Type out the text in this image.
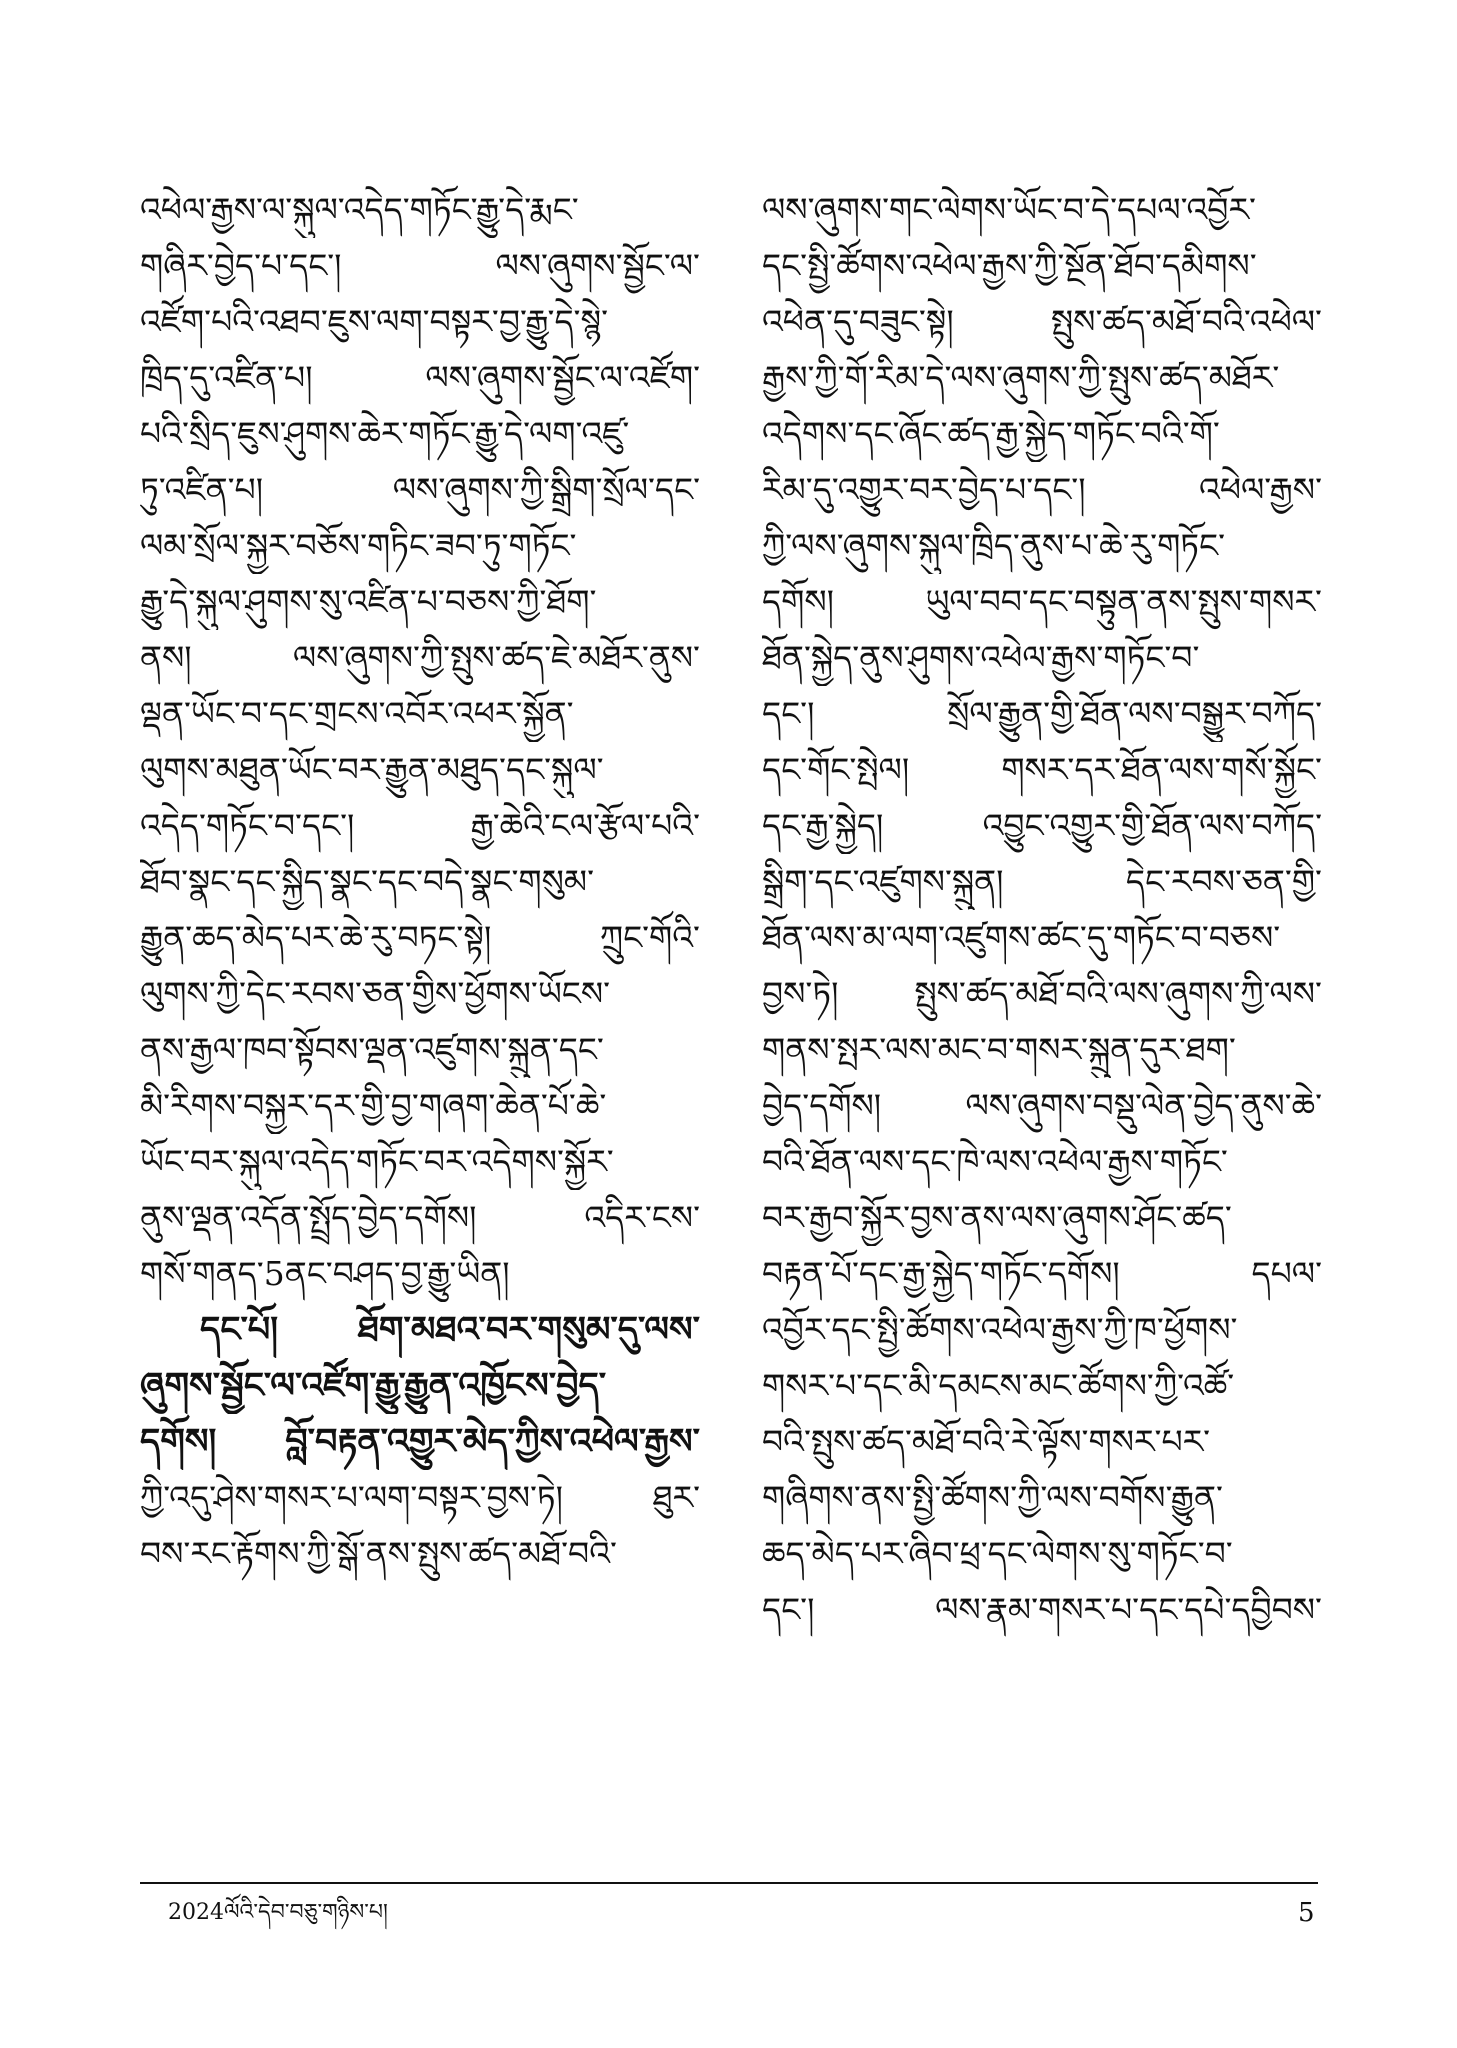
འཕེལ་རྒྱས་ལ་སྐུལ་འདེད་གཏོང་རྒྱུ་དེ་རྨང་
གཞིར་བྱེད་པ་དང་། ལས་ཞུགས་སྦྱོང་ལ་
འཛོག་པའི་འཐབ་ཇུས་ལག་བསྟར་བྱ་རྒྱུ་དེ་སྙེ་
ཁྲིད་དུ་འཛིན་པ། ལས་ཞུགས་སྦྱོང་ལ་འཛོག་
པའི་སྲིད་ཇུས་ཤུགས་ཆེར་གཏོང་རྒྱུ་དེ་ལག་འཛུ་
ཏུ་འཛིན་པ། ལས་ཞུགས་ཀྱི་སྒྲིག་སྲོལ་དང་
ལམ་སྲོལ་སྐྱར་བཅོས་གཏིང་ཟབ་ཏུ་གཏོང་
རྒྱུ་དེ་སྐུལ་ཤུགས་སུ་འཛིན་པ་བཅས་ཀྱི་ཐོག་
ནས། ལས་ཞུགས་ཀྱི་སྤུས་ཚད་ཇེ་མཐོར་ནུས་
ལྡན་ཡོང་བ་དང་གྲངས་འབོར་འཕར་སྐྱོན་
ལུགས་མཐུན་ཡོང་བར་རྒྱུན་མཐུད་དང་སྐུལ་
འདེད་གཏོང་བ་དང་། རྒྱ་ཆེའི་ངལ་རྩོལ་པའི་
ཐོབ་སྣང་དང་སྐྱིད་སྣང་དང་བདེ་སྣང་གསུམ་
རྒྱུན་ཆད་མེད་པར་ཆེ་རུ་བཏང་སྟེ། ཀྲུང་གོའི་
ལུགས་ཀྱི་དེང་རབས་ཅན་གྱིས་ཕྱོགས་ཡོངས་
ནས་རྒྱལ་ཁབ་སྟོབས་ལྡན་འཛུགས་སྐྲུན་དང་
མི་རིགས་བསྐྱར་དར་གྱི་བྱ་གཞག་ཆེན་པོ་ཆེ་
ཡོང་བར་སྐུལ་འདེད་གཏོང་བར་འདེགས་སྐྱོར་
ནུས་ལྡན་འདོན་སྤྲོད་བྱེད་དགོས། འདིར་ངས་
གསོ་གནད་5ནང་བཤད་བྱ་རྒྱུ་ཡིན།
དང་པོ། ཐོག་མཐའ་བར་གསུམ་དུ་ལས་
ཞུགས་སྦྱོང་ལ་འཛོག་རྒྱུ་རྒྱུན་འཁྱོངས་བྱེད་
དགོས། བློ་བརྟན་འགྱུར་མེད་ཀྱིས་འཕེལ་རྒྱས་
ཀྱི་འདུ་ཤེས་གསར་པ་ལག་བསྟར་བྱས་ཏེ། ཐུར་
བས་རང་རྟོགས་ཀྱི་སྒོ་ནས་སྤུས་ཚད་མཐོ་བའི་
ལས་ཞུགས་གང་ལེགས་ཡོང་བ་དེ་དཔལ་འབྱོར་
དང་སྤྱི་ཚོགས་འཕེལ་རྒྱས་ཀྱི་སྔོན་ཐོབ་དམིགས་
འཕེན་དུ་བཟུང་སྟེ། སྤུས་ཚད་མཐོ་བའི་འཕེལ་
རྒྱས་ཀྱི་གོ་རིམ་དེ་ལས་ཞུགས་ཀྱི་སྤུས་ཚད་མཐོར་
འདེགས་དང་ཞོང་ཚད་རྒྱ་སྐྱེད་གཏོང་བའི་གོ་
རིམ་དུ་འགྱུར་བར་བྱེད་པ་དང་། འཕེལ་རྒྱས་
ཀྱི་ལས་ཞུགས་སྐུལ་ཁྲིད་ནུས་པ་ཆེ་རུ་གཏོང་
དགོས། ཡུལ་བབ་དང་བསྟུན་ནས་སྤུས་གསར་
ཐོན་སྐྱེད་ནུས་ཤུགས་འཕེལ་རྒྱས་གཏོང་བ་
དང་། སྲོལ་རྒྱུན་གྱི་ཐོན་ལས་བསྒྱུར་བཀོད་
དང་གོང་སྤེལ། གསར་དར་ཐོན་ལས་གསོ་སྐྱོང་
དང་རྒྱ་སྐྱེད། འབྱུང་འགྱུར་གྱི་ཐོན་ལས་བཀོད་
སྒྲིག་དང་འཛུགས་སྐྲུན། དེང་རབས་ཅན་གྱི་
ཐོན་ལས་མ་ལག་འཛུགས་ཚང་དུ་གཏོང་བ་བཅས་
བྱས་ཏེ། སྤུས་ཚད་མཐོ་བའི་ལས་ཞུགས་ཀྱི་ལས་
གནས་སྤར་ལས་མང་བ་གསར་སྐྲུན་དུར་ཐག་
བྱེད་དགོས། ལས་ཞུགས་བསྡུ་ལེན་བྱེད་ནུས་ཆེ་
བའི་ཐོན་ལས་དང་ཁེ་ལས་འཕེལ་རྒྱས་གཏོང་
བར་རྒྱབ་སྐྱོར་བྱས་ནས་ལས་ཞུགས་ཤོང་ཚད་
བརྟན་པོ་དང་རྒྱ་སྐྱེད་གཏོང་དགོས། དཔལ་
འབྱོར་དང་སྤྱི་ཚོགས་འཕེལ་རྒྱས་ཀྱི་ཁ་ཕྱོགས་
གསར་པ་དང་མི་དམངས་མང་ཚོགས་ཀྱི་འཚོ་
བའི་སྤུས་ཚད་མཐོ་བའི་རེ་ལྟོས་གསར་པར་
གཞིགས་ནས་སྤྱི་ཚོགས་ཀྱི་ལས་བགོས་རྒྱུན་
ཆད་མེད་པར་ཞིབ་ཕྲ་དང་ལེགས་སུ་གཏོང་བ་
དང་། ལས་རྣམ་གསར་པ་དང་དཔེ་དབྱིབས་
2024ལོའི་དེབ་བཅུ་གཉིས་པ།	5
